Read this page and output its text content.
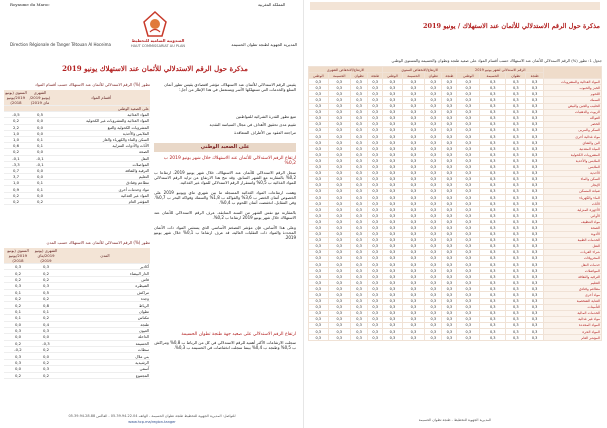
Royaume du Maroc	المملكة المغربية
المندوبية السامية للتخطيط
HAUT COMMISSARIAT AU PLAN
Direction Régionale de Tanger Tétouan Al Hoceima	المديرية الجهوية لطنجة تطوان الحسيمة
مذكرة حول الرقم الاستدلالي للأثمان عند الاستهلاك يونيو 2019
يقيس الرقم الاستدلالي للأثمان عند الاستهلاك، مؤشر اقتصادي يقيس تطور أثمان السلع والخدمات التي تستهلكها الأسر ويستعمل في هذا الإطار من أجل:
تتبع تطور القدرة الشرائية للمواطنين
تقييم مدى تحقيق الأهداف في مجال السياسة النقدية
مراجعة العقود بين الأطراف المتعاقدة
على الصعيد الوطني
ارتفاع الرقم الاستدلالي للأثمان عند الاستهلاك خلال شهر يونيو 2019 ب 0,2%
سجل الرقم الاستدلالي للأثمان عند الاستهلاك، خلال شهر يونيو 2019، ارتفاعا ب 0,2% بالمقارنة مع الشهر السابق. وقد نتج هذا الارتفاع عن تزايد الرقم الاستدلالي للمواد الغذائية ب 0,5% واستقرار الرقم الاستدلالي للمواد غير الغذائية.
وهمت ارتفاعات المواد الغذائية المسجلة ما بين شهري ماي ويونيو 2019 على الخصوص أثمان الخضر ب 3,6% والفواكه ب 1,8% والسمك وفواكه البحر ب 0,7%. وفي المقابل، انخفضت أثمان اللحوم ب 0,4%.
بالمقارنة مع نفس الشهر من السنة السابقة، عرف الرقم الاستدلالي للأثمان عند الاستهلاك خلال شهر يونيو 2019 ارتفاعا ب 0,2%.
وعلى هذا الأساس، فإن مؤشر التضخم الأساسي الذي يستثني المواد ذات الأثمان المحددة والمواد ذات التقلبات العالية، قد عرف ارتفاعا ب 0,1% خلال شهر يونيو 2019.
ارتفاع الرقم الاستدلالي على صعيد جهة طنجة تطوان الحسيمة
سجلت الارتفاعات الأكثر أهمية للرقم الاستدلالي في كل من الرباط ب 0,8% ومراكش ب 0,5% وطنجة ب 0,4% بينما سجلت انخفاضات في الحسيمة ب 0,3%.
تطور (%) الرقم الاستدلالي للأثمان عند الاستهلاك حسب أقسام المواد
السنوي (يونيو 2019/يونيو 2018)	الشهري (يونيو 2019/ماي 2019)	أقسام المواد
على الصعيد الوطني		
-0,5	0,5	المواد الغذائية
0,2	0,0	المواد الغذائية والمشروبات غير الكحولية
2,2	0,0	المشروبات الكحولية والتبغ
1,0	0,0	الملابس والأحذية
1,0	0,1	السكن والماء والكهرباء والغاز
0,6	0,1	الأثاث والأدوات المنزلية
0,2	0,0	الصحة
-0,1	-0,1	النقل
-3,3	-0,1	المواصلات
0,7	0,0	الترفيه والثقافة
3,7	0,0	التعليم
1,0	0,1	مطاعم وفنادق
0,9	0,1	مواد وخدمات أخرى
0,2	0,0	المواد غير الغذائية
0,2	0,2	المؤشر العام
تطور (%) الرقم الاستدلالي للأثمان عند الاستهلاك حسب المدن
السنوي (يونيو 2019/يونيو 2018)	الشهري (يونيو 2019/ماي 2019)	المدن
0,3	0,3	أكادير
0,2	0,2	الدار البيضاء
0,2	0,2	فاس
0,3	0,3	القنيطرة
0,1	0,5	مراكش
0,2	0,2	وجدة
0,2	0,8	الرباط
0,1	0,1	تطوان
0,1	0,2	مكناس
0,0	0,4	طنجة
0,3	0,3	العيون
0,0	0,0	الداخلة
0,2	-0,3	الحسيمة
-0,2	0,2	سطات
0,3	0,0	بني ملال
0,3	0,2	الرشيدية
0,0	0,3	آسفي
0,2	0,2	المجموع
للتواصل: المديرية الجهوية للتخطيط طنجة تطوان الحسيمة - الهاتف 05.39.94.22.04 - الفاكس 05.39.94.28.88
www.hcp.ma/region-tanger
مذكرة حول الرقم الاستدلالي للأثمان عند الاستهلاك / يونيو 2019
جدول 1: تطور (%) الرقم الاستدلالي للأثمان عند الاستهلاك حسب أقسام المواد على صعيد طنجة وتطوان والحسيمة والمستوى الوطني
الارتفاع/الانخفاض الشهري				الارتفاع/الانخفاض السنوي				الرقم الاستدلالي لشهر يونيو 2019				
الوطني	الحسيمة	تطوان	طنجة	الوطني	الحسيمة	تطوان	طنجة	الوطني	الحسيمة	تطوان	طنجة	
0,3	0,3	0,3	0,3	0,3	0,3	0,3	0,3	0,3	0,3	0,3	0,3	المواد الغذائية والمشروبات
0,3	0,3	0,3	0,3	0,3	0,3	0,3	0,3	0,3	0,3	0,3	0,3	الخبز والحبوب
0,3	0,3	0,3	0,3	0,3	0,3	0,3	0,3	0,3	0,3	0,3	0,3	اللحوم
0,3	0,3	0,3	0,3	0,3	0,3	0,3	0,3	0,3	0,3	0,3	0,3	السمك
0,3	0,3	0,3	0,3	0,3	0,3	0,3	0,3	0,3	0,3	0,3	0,3	الحليب والجبن والبيض
0,3	0,3	0,3	0,3	0,3	0,3	0,3	0,3	0,3	0,3	0,3	0,3	الزيوت والدهنيات
0,3	0,3	0,3	0,3	0,3	0,3	0,3	0,3	0,3	0,3	0,3	0,3	الفواكه
0,3	0,3	0,3	0,3	0,3	0,3	0,3	0,3	0,3	0,3	0,3	0,3	الخضر
0,3	0,3	0,3	0,3	0,3	0,3	0,3	0,3	0,3	0,3	0,3	0,3	السكر والمربى
0,3	0,3	0,3	0,3	0,3	0,3	0,3	0,3	0,3	0,3	0,3	0,3	مواد غذائية أخرى
0,3	0,3	0,3	0,3	0,3	0,3	0,3	0,3	0,3	0,3	0,3	0,3	البن والشاي
0,3	0,3	0,3	0,3	0,3	0,3	0,3	0,3	0,3	0,3	0,3	0,3	المياه المعدنية
0,3	0,3	0,3	0,3	0,3	0,3	0,3	0,3	0,3	0,3	0,3	0,3	المشروبات الكحولية
0,3	0,3	0,3	0,3	0,3	0,3	0,3	0,3	0,3	0,3	0,3	0,3	الملابس والأحذية
0,3	0,3	0,3	0,3	0,3	0,3	0,3	0,3	0,3	0,3	0,3	0,3	الملابس
0,3	0,3	0,3	0,3	0,3	0,3	0,3	0,3	0,3	0,3	0,3	0,3	الأحذية
0,3	0,3	0,3	0,3	0,3	0,3	0,3	0,3	0,3	0,3	0,3	0,3	السكن والماء
0,3	0,3	0,3	0,3	0,3	0,3	0,3	0,3	0,3	0,3	0,3	0,3	الإيجار
0,3	0,3	0,3	0,3	0,3	0,3	0,3	0,3	0,3	0,3	0,3	0,3	صيانة المسكن
0,3	0,3	0,3	0,3	0,3	0,3	0,3	0,3	0,3	0,3	0,3	0,3	الماء والكهرباء
0,3	0,3	0,3	0,3	0,3	0,3	0,3	0,3	0,3	0,3	0,3	0,3	الأثاث
0,3	0,3	0,3	0,3	0,3	0,3	0,3	0,3	0,3	0,3	0,3	0,3	الأجهزة المنزلية
0,3	0,3	0,3	0,3	0,3	0,3	0,3	0,3	0,3	0,3	0,3	0,3	الأواني
0,3	0,3	0,3	0,3	0,3	0,3	0,3	0,3	0,3	0,3	0,3	0,3	مواد التنظيف
0,3	0,3	0,3	0,3	0,3	0,3	0,3	0,3	0,3	0,3	0,3	0,3	الصحة
0,3	0,3	0,3	0,3	0,3	0,3	0,3	0,3	0,3	0,3	0,3	0,3	الأدوية
0,3	0,3	0,3	0,3	0,3	0,3	0,3	0,3	0,3	0,3	0,3	0,3	الخدمات الطبية
0,3	0,3	0,3	0,3	0,3	0,3	0,3	0,3	0,3	0,3	0,3	0,3	النقل
0,3	0,3	0,3	0,3	0,3	0,3	0,3	0,3	0,3	0,3	0,3	0,3	شراء العربات
0,3	0,3	0,3	0,3	0,3	0,3	0,3	0,3	0,3	0,3	0,3	0,3	المحروقات
0,3	0,3	0,3	0,3	0,3	0,3	0,3	0,3	0,3	0,3	0,3	0,3	خدمات النقل
0,3	0,3	0,3	0,3	0,3	0,3	0,3	0,3	0,3	0,3	0,3	0,3	المواصلات
0,3	0,3	0,3	0,3	0,3	0,3	0,3	0,3	0,3	0,3	0,3	0,3	الترفيه والثقافة
0,3	0,3	0,3	0,3	0,3	0,3	0,3	0,3	0,3	0,3	0,3	0,3	التعليم
0,3	0,3	0,3	0,3	0,3	0,3	0,3	0,3	0,3	0,3	0,3	0,3	مطاعم وفنادق
0,3	0,3	0,3	0,3	0,3	0,3	0,3	0,3	0,3	0,3	0,3	0,3	مواد أخرى
0,3	0,3	0,3	0,3	0,3	0,3	0,3	0,3	0,3	0,3	0,3	0,3	العناية الشخصية
0,3	0,3	0,3	0,3	0,3	0,3	0,3	0,3	0,3	0,3	0,3	0,3	التأمينات
0,3	0,3	0,3	0,3	0,3	0,3	0,3	0,3	0,3	0,3	0,3	0,3	الخدمات المالية
0,3	0,3	0,3	0,3	0,3	0,3	0,3	0,3	0,3	0,3	0,3	0,3	مواد غير غذائية
0,3	0,3	0,3	0,3	0,3	0,3	0,3	0,3	0,3	0,3	0,3	0,3	المواد المحددة
0,3	0,3	0,3	0,3	0,3	0,3	0,3	0,3	0,3	0,3	0,3	0,3	المواد الحرة
0,3	0,3	0,3	0,3	0,3	0,3	0,3	0,3	0,3	0,3	0,3	0,3	المؤشر العام
المديرية الجهوية للتخطيط - طنجة تطوان الحسيمة
